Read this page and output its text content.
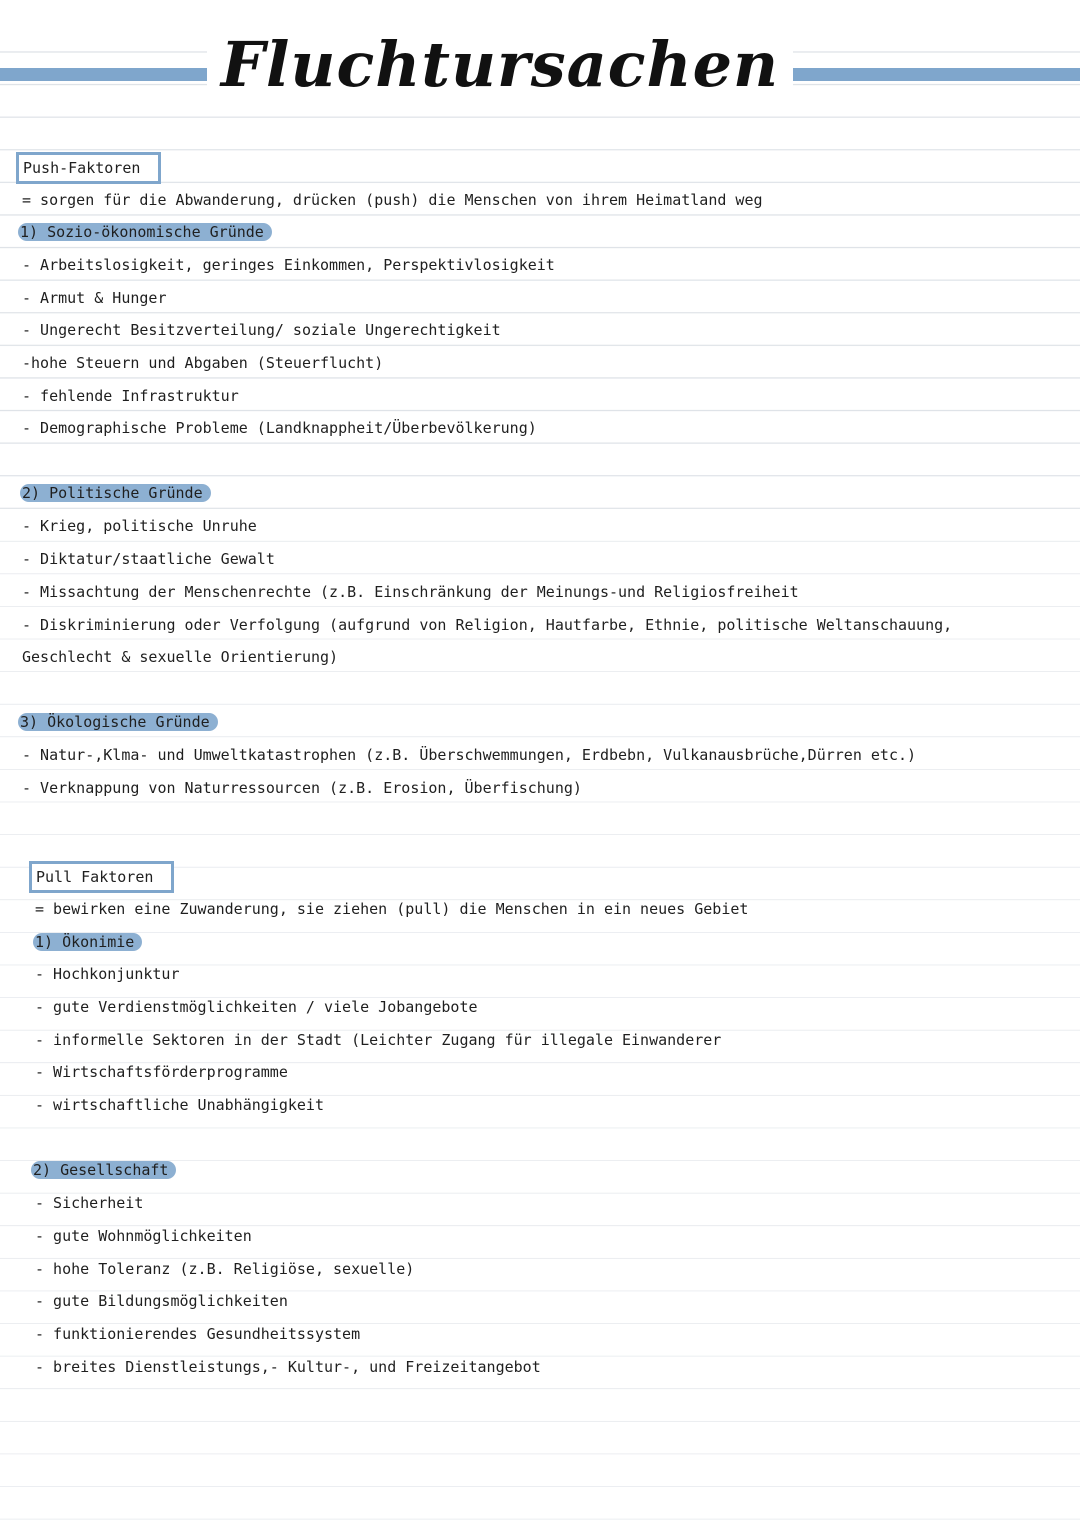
Fluchtursachen
Push-Faktoren
= sorgen für die Abwanderung, drücken (push) die Menschen von ihrem Heimatland weg
1) Sozio-ökonomische Gründe
- Arbeitslosigkeit, geringes Einkommen, Perspektivlosigkeit
- Armut & Hunger
- Ungerecht Besitzverteilung/ soziale Ungerechtigkeit
-hohe Steuern und Abgaben (Steuerflucht)
- fehlende Infrastruktur
- Demographische Probleme (Landknappheit/Überbevölkerung)
2) Politische Gründe
- Krieg, politische Unruhe
- Diktatur/staatliche Gewalt
- Missachtung der Menschenrechte (z.B. Einschränkung der Meinungs-und Religiosfreiheit
- Diskriminierung oder Verfolgung (aufgrund von Religion, Hautfarbe, Ethnie, politische Weltanschauung,
Geschlecht & sexuelle Orientierung)
3) Ökologische Gründe
- Natur-,Klma- und Umweltkatastrophen (z.B. Überschwemmungen, Erdbebn, Vulkanausbrüche,Dürren etc.)
- Verknappung von Naturressourcen (z.B. Erosion, Überfischung)
Pull Faktoren
= bewirken eine Zuwanderung, sie ziehen (pull) die Menschen in ein neues Gebiet
1) Ökonimie
- Hochkonjunktur
- gute Verdienstmöglichkeiten / viele Jobangebote
- informelle Sektoren in der Stadt (Leichter Zugang für illegale Einwanderer
- Wirtschaftsförderprogramme
- wirtschaftliche Unabhängigkeit
2) Gesellschaft
- Sicherheit
- gute Wohnmöglichkeiten
- hohe Toleranz (z.B. Religiöse, sexuelle)
- gute Bildungsmöglichkeiten
- funktionierendes Gesundheitssystem
- breites Dienstleistungs,- Kultur-, und Freizeitangebot
